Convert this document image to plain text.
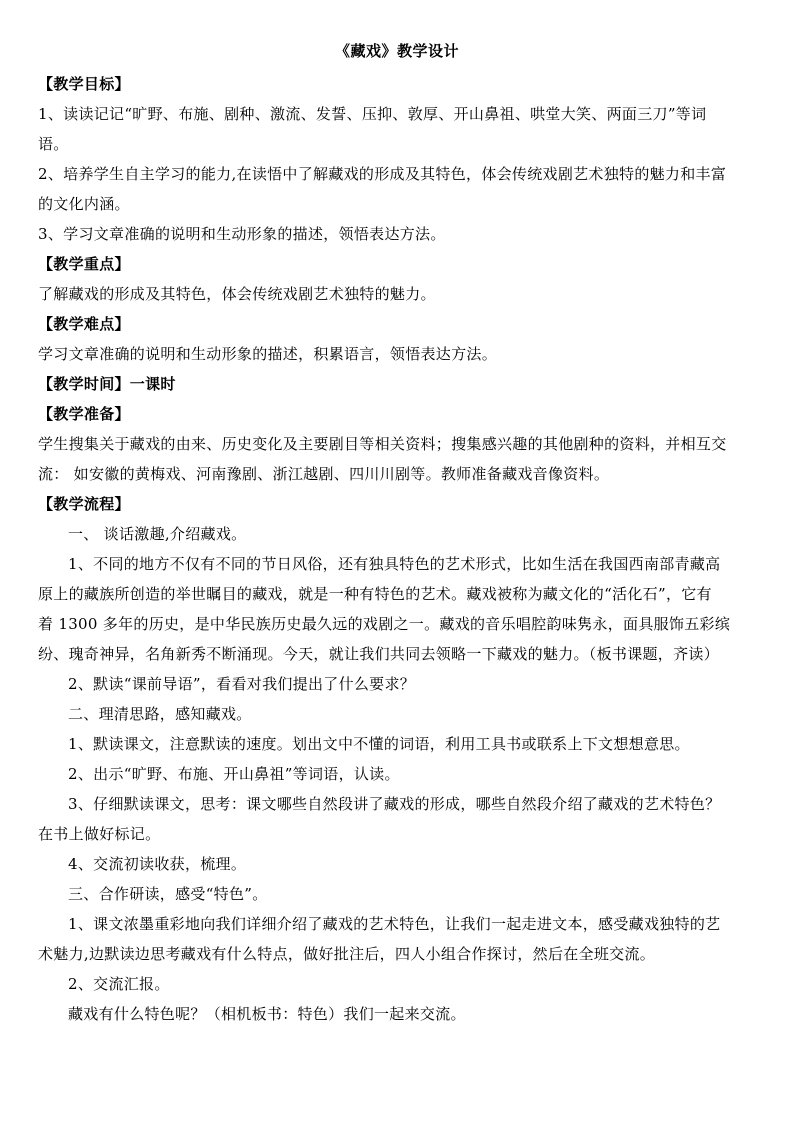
《藏戏》教学设计
【教学目标】
1、读读记记“旷野、布施、剧种、激流、发誓、压抑、敦厚、开山鼻祖、哄堂大笑、两面三刀”等词
语。
2、培养学生自主学习的能力,在读悟中了解藏戏的形成及其特色，体会传统戏剧艺术独特的魅力和丰富
的文化内涵。
3、学习文章准确的说明和生动形象的描述，领悟表达方法。
【教学重点】
了解藏戏的形成及其特色，体会传统戏剧艺术独特的魅力。
【教学难点】
学习文章准确的说明和生动形象的描述，积累语言，领悟表达方法。
【教学时间】一课时
【教学准备】
学生搜集关于藏戏的由来、历史变化及主要剧目等相关资料；搜集感兴趣的其他剧种的资料，并相互交
流： 如安徽的黄梅戏、河南豫剧、浙江越剧、四川川剧等。教师准备藏戏音像资料。
【教学流程】
一、 谈话激趣,介绍藏戏。
1、不同的地方不仅有不同的节日风俗，还有独具特色的艺术形式，比如生活在我国西南部青藏高
原上的藏族所创造的举世瞩目的藏戏，就是一种有特色的艺术。藏戏被称为藏文化的“活化石”，它有
着 1300 多年的历史，是中华民族历史最久远的戏剧之一。藏戏的音乐唱腔韵味隽永，面具服饰五彩缤
纷、瑰奇神异，名角新秀不断涌现。今天，就让我们共同去领略一下藏戏的魅力。（板书课题，齐读）
2、默读“课前导语”，看看对我们提出了什么要求？
二、理清思路，感知藏戏。
1、默读课文，注意默读的速度。划出文中不懂的词语，利用工具书或联系上下文想想意思。
2、出示“旷野、布施、开山鼻祖”等词语，认读。
3、仔细默读课文，思考：课文哪些自然段讲了藏戏的形成，哪些自然段介绍了藏戏的艺术特色？
在书上做好标记。
4、交流初读收获，梳理。
三、合作研读，感受“特色”。
1、课文浓墨重彩地向我们详细介绍了藏戏的艺术特色，让我们一起走进文本，感受藏戏独特的艺
术魅力,边默读边思考藏戏有什么特点，做好批注后，四人小组合作探讨，然后在全班交流。
2、交流汇报。
藏戏有什么特色呢？（相机板书：特色）我们一起来交流。
